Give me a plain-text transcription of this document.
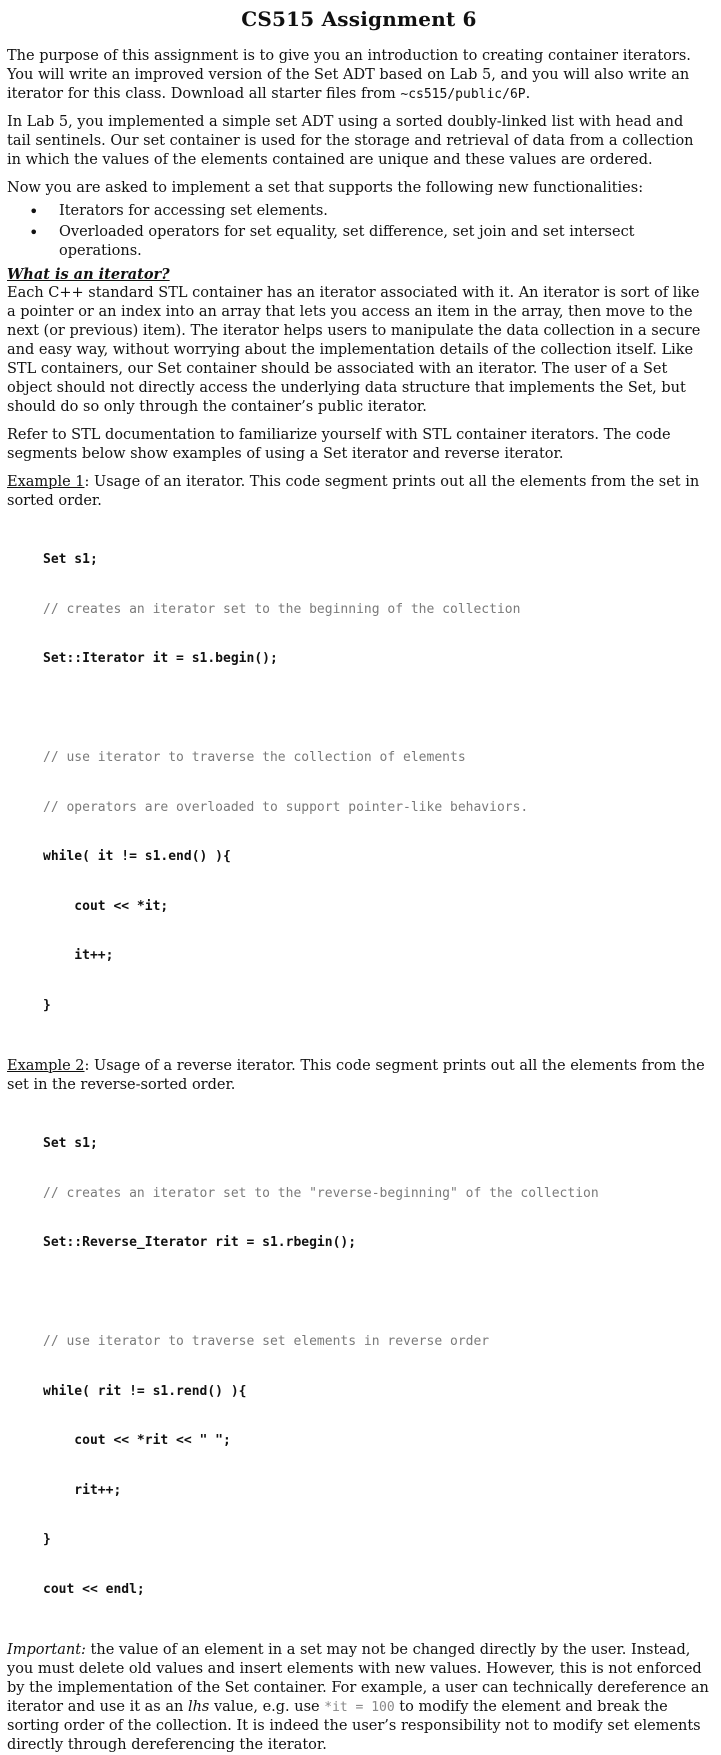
CS515 Assignment 6

The purpose of this assignment is to give you an introduction to creating container iterators. You will write an improved version of the Set ADT based on Lab 5, and you will also write an iterator for this class. Download all starter files from ~cs515/public/6P.

In Lab 5, you implemented a simple set ADT using a sorted doubly-linked list with head and tail sentinels. Our set container is used for the storage and retrieval of data from a collection in which the values of the elements contained are unique and these values are ordered.

Now you are asked to implement a set that supports the following new functionalities:

• Iterators for accessing set elements.
• Overloaded operators for set equality, set difference, set join and set intersect operations.
What is an iterator?

Each C++ standard STL container has an iterator associated with it. An iterator is sort of like a pointer or an index into an array that lets you access an item in the array, then move to the next (or previous) item). The iterator helps users to manipulate the data collection in a secure and easy way, without worrying about the implementation details of the collection itself. Like STL containers, our Set container should be associated with an iterator. The user of a Set object should not directly access the underlying data structure that implements the Set, but should do so only through the container’s public iterator.

Refer to STL documentation to familiarize yourself with STL container iterators. The code segments below show examples of using a Set iterator and reverse iterator.

Example 1: Usage of an iterator. This code segment prints out all the elements from the set in sorted order.

Set s1;

// creates an iterator set to the beginning of the collection

Set::Iterator it = s1.begin();

// use iterator to traverse the collection of elements

// operators are overloaded to support pointer-like behaviors.

while( it != s1.end() ){

cout << *it;

it++;

}

Example 2: Usage of a reverse iterator. This code segment prints out all the elements from the set in the reverse-sorted order.

Set s1;

// creates an iterator set to the "reverse-beginning" of the collection

Set::Reverse_Iterator rit = s1.rbegin();

// use iterator to traverse set elements in reverse order

while( rit != s1.rend() ){

cout << *rit << " ";

rit++;

}

cout << endl;

Important: the value of an element in a set may not be changed directly by the user. Instead, you must delete old values and insert elements with new values. However, this is not enforced by the implementation of the Set container. For example, a user can technically dereference an iterator and use it as an lhs value, e.g. use *it = 100 to modify the element and break the sorting order of the collection. It is indeed the user’s responsibility not to modify set elements directly through dereferencing the iterator.
